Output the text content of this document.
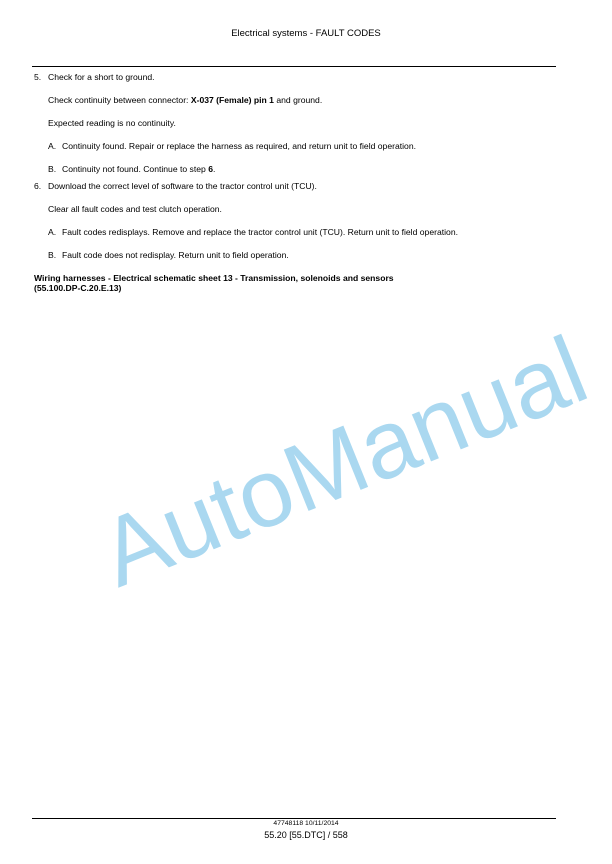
Electrical systems - FAULT CODES
5. Check for a short to ground.
Check continuity between connector: X-037 (Female) pin 1 and ground.
Expected reading is no continuity.
A. Continuity found. Repair or replace the harness as required, and return unit to field operation.
B. Continuity not found. Continue to step 6.
6. Download the correct level of software to the tractor control unit (TCU).
Clear all fault codes and test clutch operation.
A. Fault codes redisplays. Remove and replace the tractor control unit (TCU). Return unit to field operation.
B. Fault code does not redisplay. Return unit to field operation.
Wiring harnesses - Electrical schematic sheet 13 - Transmission, solenoids and sensors
(55.100.DP-C.20.E.13)
AutoManual
47748118 10/11/2014
55.20 [55.DTC] / 558
